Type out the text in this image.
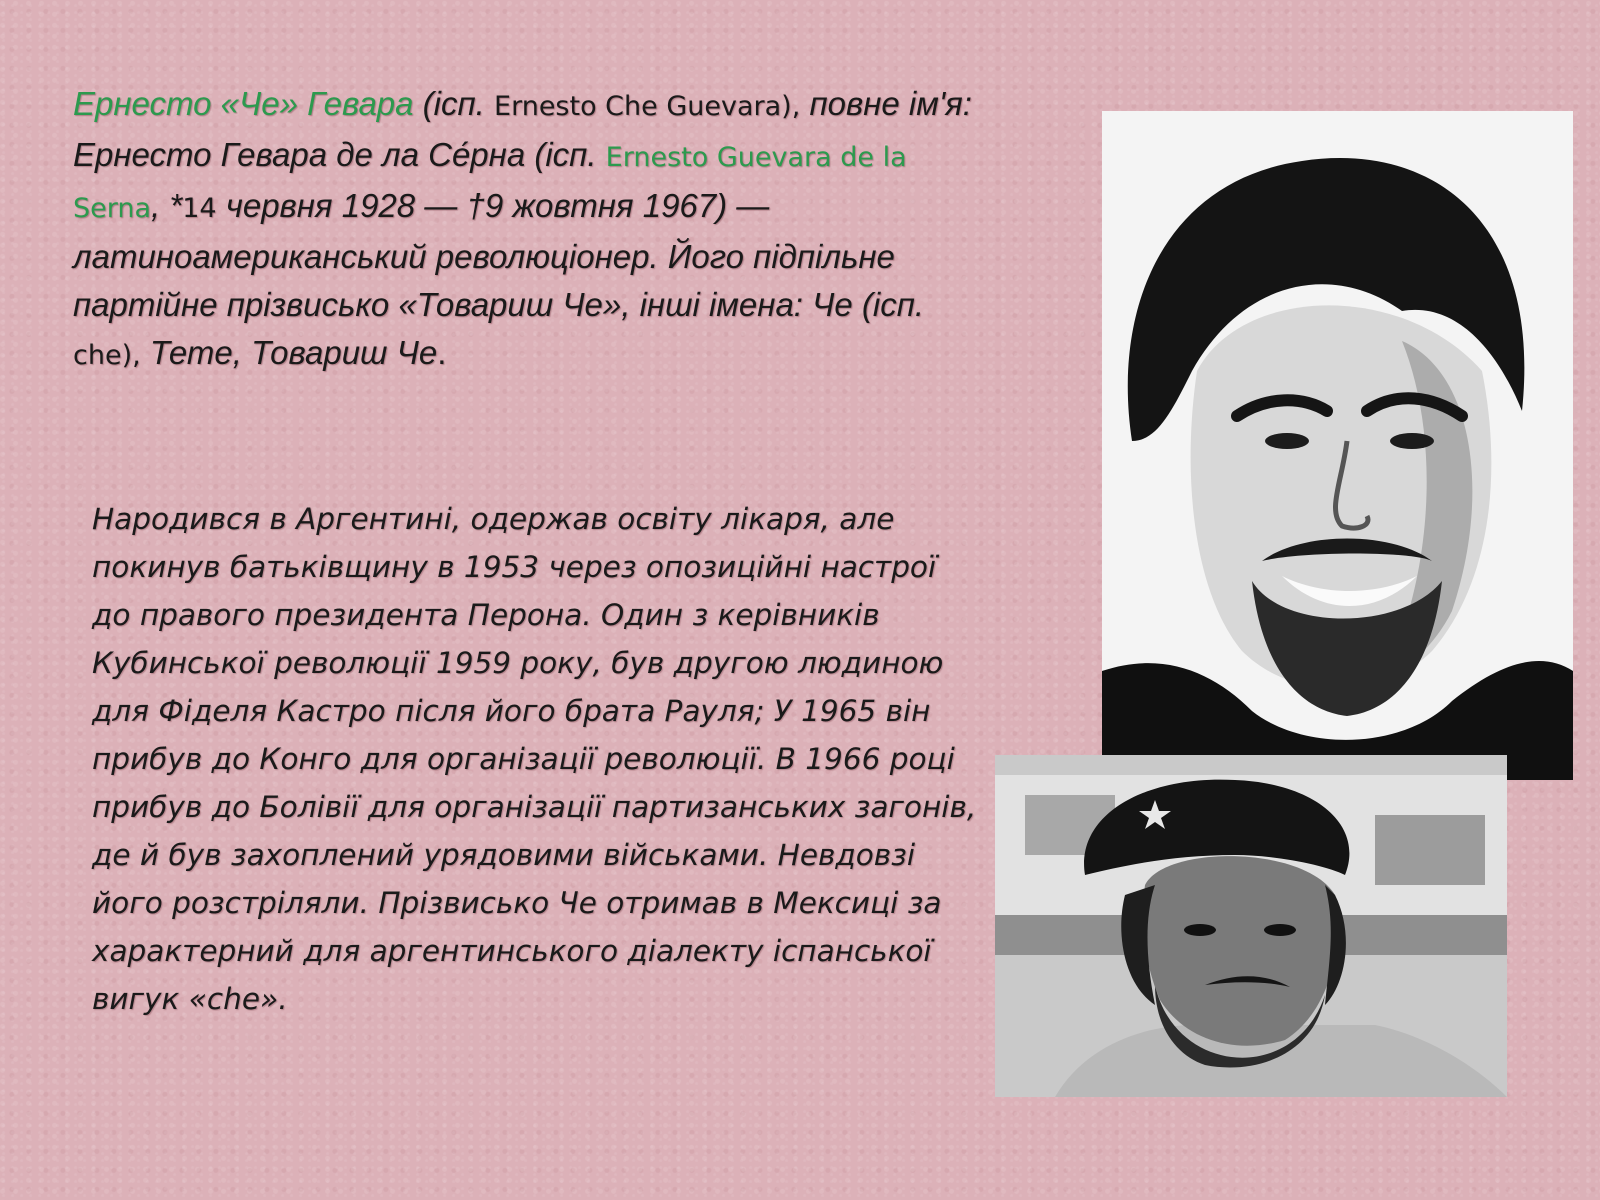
Ернесто «Че» Гевара (ісп. Ernesto Che Guevara), повне ім'я: Ернесто Гевара де ла Се́рна (ісп. Ernesto Guevara de la Serna, *14 червня 1928 — †9 жовтня 1967) — латиноамериканський революціонер. Його підпільне партійне прізвисько «Товариш Че», інші імена: Че (ісп. che), Тете, Товариш Че.

Народився в Аргентині, одержав освіту лікаря, але покинув батьківщину в 1953 через опозиційні настрої до правого президента Перона. Один з керівників Кубинської революції 1959 року, був другою людиною для Фіделя Кастро після його брата Рауля; У 1965 він прибув до Конго для організації революції. В 1966 році прибув до Болівії для організації партизанських загонів, де й був захоплений урядовими військами. Невдовзі його розстріляли. Прізвисько Че отримав в Мексиці за характерний для аргентинського діалекту іспанської вигук «che».
